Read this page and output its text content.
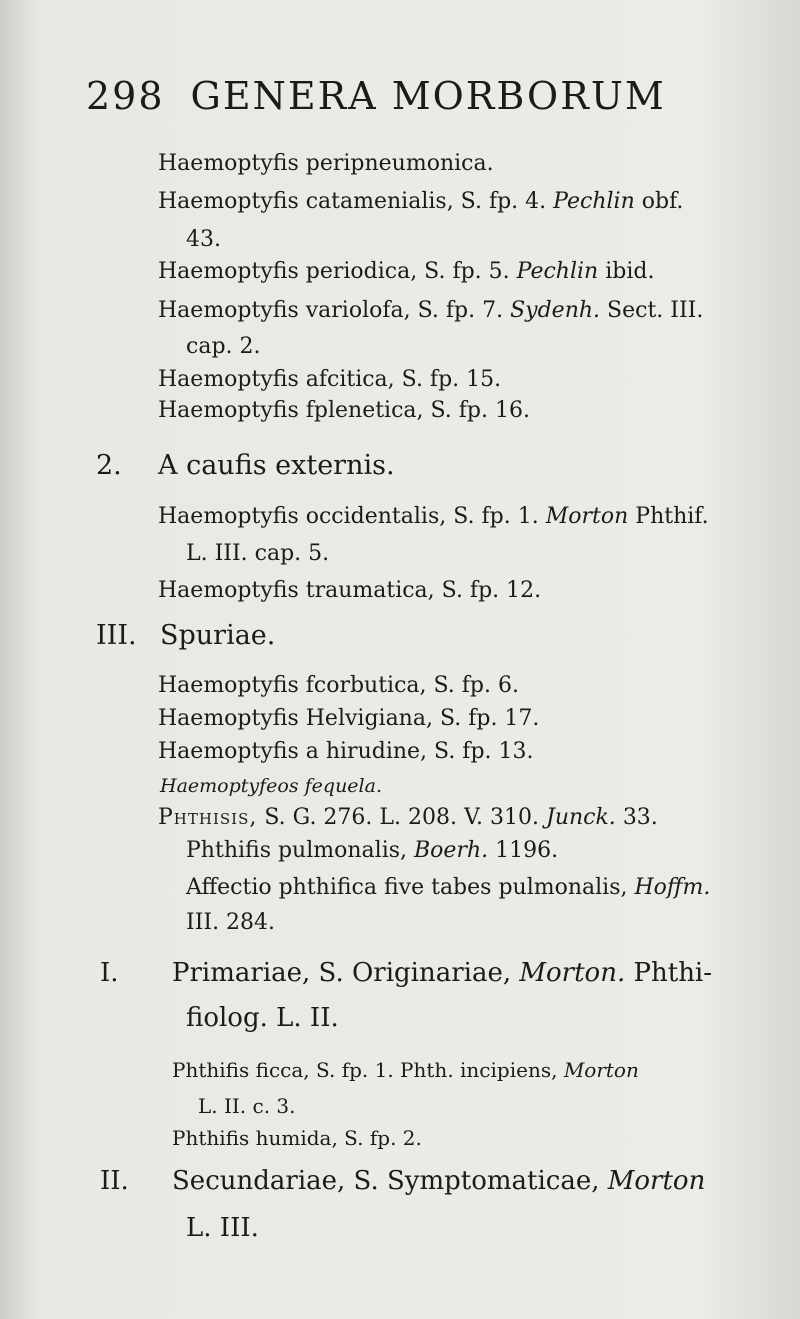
298 GENERA MORBORUM
Haemoptyfis peripneumonica.
Haemoptyfis catamenialis, S. fp. 4. Pechlin obf.
43.
Haemoptyfis periodica, S. fp. 5. Pechlin ibid.
Haemoptyfis variolofa, S. fp. 7. Sydenh. Sect. III.
cap. 2.
Haemoptyfis afcitica, S. fp. 15.
Haemoptyfis fplenetica, S. fp. 16.
2. A caufis externis.
Haemoptyfis occidentalis, S. fp. 1. Morton Phthif.
L. III. cap. 5.
Haemoptyfis traumatica, S. fp. 12.
III. Spuriae.
Haemoptyfis fcorbutica, S. fp. 6.
Haemoptyfis Helvigiana, S. fp. 17.
Haemoptyfis a hirudine, S. fp. 13.
Haemoptyfeos fequela.
Phthisis, S. G. 276. L. 208. V. 310. Junck. 33.
Phthifis pulmonalis, Boerh. 1196.
Affectio phthifica five tabes pulmonalis, Hoffm.
III. 284.
I. Primariae, S. Originariae, Morton. Phthi-
fiolog. L. II.
Phthifis ficca, S. fp. 1. Phth. incipiens, Morton
L. II. c. 3.
Phthifis humida, S. fp. 2.
II. Secundariae, S. Symptomaticae, Morton
L. III.
